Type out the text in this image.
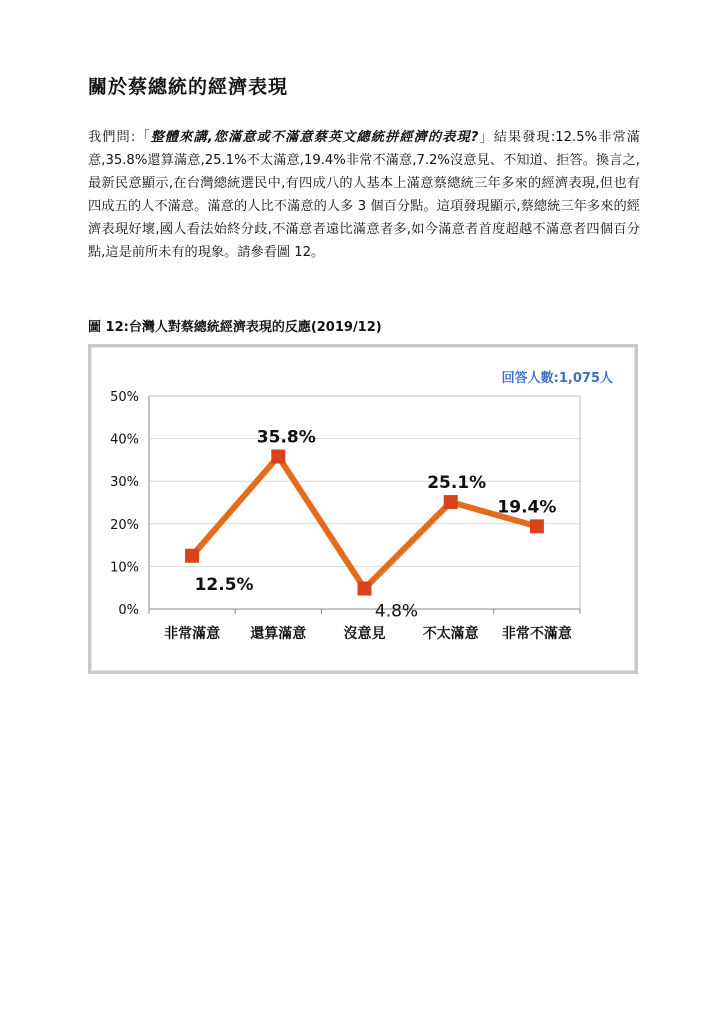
關於蔡總統的經濟表現

我們問:「整體來講,您滿意或不滿意蔡英文總統拼經濟的表現?」結果發現:12.5%非常滿意,35.8%還算滿意,25.1%不太滿意,19.4%非常不滿意,7.2%沒意見、不知道、拒答。換言之,最新民意顯示,在台灣總統選民中,有四成八的人基本上滿意蔡總統三年多來的經濟表現,但也有四成五的人不滿意。滿意的人比不滿意的人多 3 個百分點。這項發現顯示,蔡總統三年多來的經濟表現好壞,國人看法始終分歧,不滿意者遠比滿意者多,如今滿意者首度超越不滿意者四個百分點,這是前所未有的現象。請參看圖 12。

圖 12:台灣人對蔡總統經濟表現的反應(2019/12)

回答人數:1,075人
0%
10%
20%
30%
40%
50%
非常滿意 還算滿意	沒意見	不太滿意 非常不滿意
12.5%
35.8%
4.8%
25.1%
19.4%
